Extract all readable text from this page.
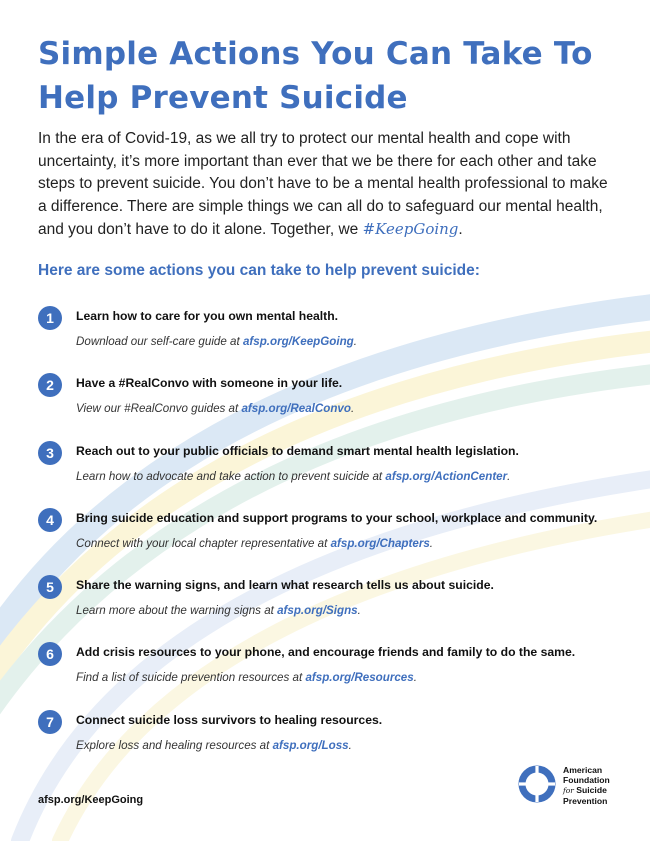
Simple Actions You Can Take To Help Prevent Suicide

In the era of Covid-19, as we all try to protect our mental health and cope with uncertainty, it’s more important than ever that we be there for each other and take steps to prevent suicide. You don’t have to be a mental health professional to make a difference. There are simple things we can all do to safeguard our mental health, and you don’t have to do it alone. Together, we #KeepGoing.

Here are some actions you can take to help prevent suicide:
1	Learn how to care for you own mental health.
Download our self-care guide at afsp.org/KeepGoing.
2	Have a #RealConvo with someone in your life.
View our #RealConvo guides at afsp.org/RealConvo.
3	Reach out to your public officials to demand smart mental health legislation.
Learn how to advocate and take action to prevent suicide at afsp.org/ActionCenter.
4	Bring suicide education and support programs to your school, workplace and community.
Connect with your local chapter representative at afsp.org/Chapters.
5	Share the warning signs, and learn what research tells us about suicide.
Learn more about the warning signs at afsp.org/Signs.
6	Add crisis resources to your phone, and encourage friends and family to do the same.
Find a list of suicide prevention resources at afsp.org/Resources.
7	Connect suicide loss survivors to healing resources.
Explore loss and healing resources at afsp.org/Loss.
afsp.org/KeepGoing
American
Foundation
for Suicide
Prevention
